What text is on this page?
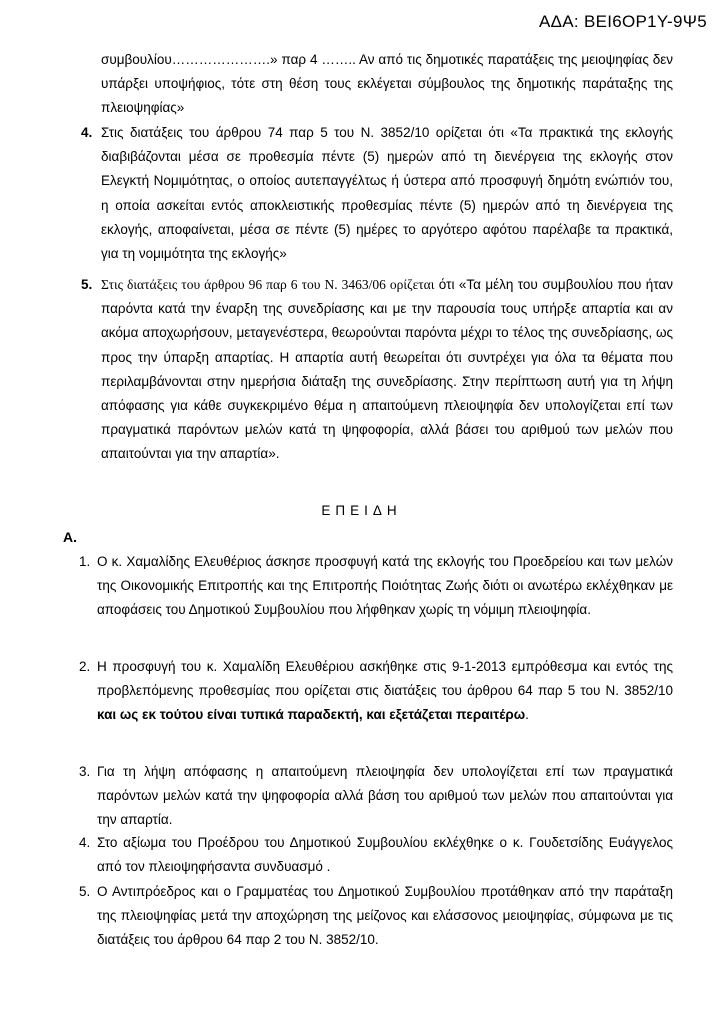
ΑΔΑ: ΒΕΙ6ΟΡ1Υ-9Ψ5
συμβουλίου………………….» παρ 4 …….. Αν από τις δημοτικές παρατάξεις της μειοψηφίας δεν υπάρξει υποψήφιος, τότε στη θέση τους εκλέγεται σύμβουλος της δημοτικής παράταξης της πλειοψηφίας»
4. Στις διατάξεις του άρθρου 74 παρ 5 του Ν. 3852/10 ορίζεται ότι «Τα πρακτικά της εκλογής διαβιβάζονται μέσα σε προθεσμία πέντε (5) ημερών από τη διενέργεια της εκλογής στον Ελεγκτή Νομιμότητας, ο οποίος αυτεπαγγέλτως ή ύστερα από προσφυγή δημότη ενώπιόν του, η οποία ασκείται εντός αποκλειστικής προθεσμίας πέντε (5) ημερών από τη διενέργεια της εκλογής, αποφαίνεται, μέσα σε πέντε (5) ημέρες το αργότερο αφότου παρέλαβε τα πρακτικά, για τη νομιμότητα της εκλογής»
5. Στις διατάξεις του άρθρου 96 παρ 6 του Ν. 3463/06 ορίζεται ότι «Τα μέλη του συμβουλίου που ήταν παρόντα κατά την έναρξη της συνεδρίασης και με την παρουσία τους υπήρξε απαρτία και αν ακόμα αποχωρήσουν, μεταγενέστερα, θεωρούνται παρόντα μέχρι το τέλος της συνεδρίασης, ως προς την ύπαρξη απαρτίας. Η απαρτία αυτή θεωρείται ότι συντρέχει για όλα τα θέματα που περιλαμβάνονται στην ημερήσια διάταξη της συνεδρίασης. Στην περίπτωση αυτή για τη λήψη απόφασης για κάθε συγκεκριμένο θέμα η απαιτούμενη πλειοψηφία δεν υπολογίζεται επί των πραγματικά παρόντων μελών κατά τη ψηφοφορία, αλλά βάσει του αριθμού των μελών που απαιτούνται για την απαρτία».
ΕΠΕΙΔΗ
Α.
1. Ο κ. Χαμαλίδης Ελευθέριος άσκησε προσφυγή κατά της εκλογής του Προεδρείου και των μελών της Οικονομικής Επιτροπής και της Επιτροπής Ποιότητας Ζωής διότι οι ανωτέρω εκλέχθηκαν με αποφάσεις του Δημοτικού Συμβουλίου που λήφθηκαν χωρίς τη νόμιμη πλειοψηφία.
2. Η προσφυγή του κ. Χαμαλίδη Ελευθέριου ασκήθηκε στις 9-1-2013 εμπρόθεσμα και εντός της προβλεπόμενης προθεσμίας που ορίζεται στις διατάξεις του άρθρου 64 παρ 5 του Ν. 3852/10 και ως εκ τούτου είναι τυπικά παραδεκτή, και εξετάζεται περαιτέρω.
3. Για τη λήψη απόφασης η απαιτούμενη πλειοψηφία δεν υπολογίζεται επί των πραγματικά παρόντων μελών κατά την ψηφοφορία αλλά βάση του αριθμού των μελών που απαιτούνται για την απαρτία.
4. Στο αξίωμα του Προέδρου του Δημοτικού Συμβουλίου εκλέχθηκε ο κ. Γουδετσίδης Ευάγγελος από τον πλειοψηφήσαντα συνδυασμό .
5. Ο Αντιπρόεδρος και ο Γραμματέας του Δημοτικού Συμβουλίου προτάθηκαν από την παράταξη της πλειοψηφίας μετά την αποχώρηση της μείζονος και ελάσσονος μειοψηφίας, σύμφωνα με τις διατάξεις του άρθρου 64 παρ 2 του Ν. 3852/10.
